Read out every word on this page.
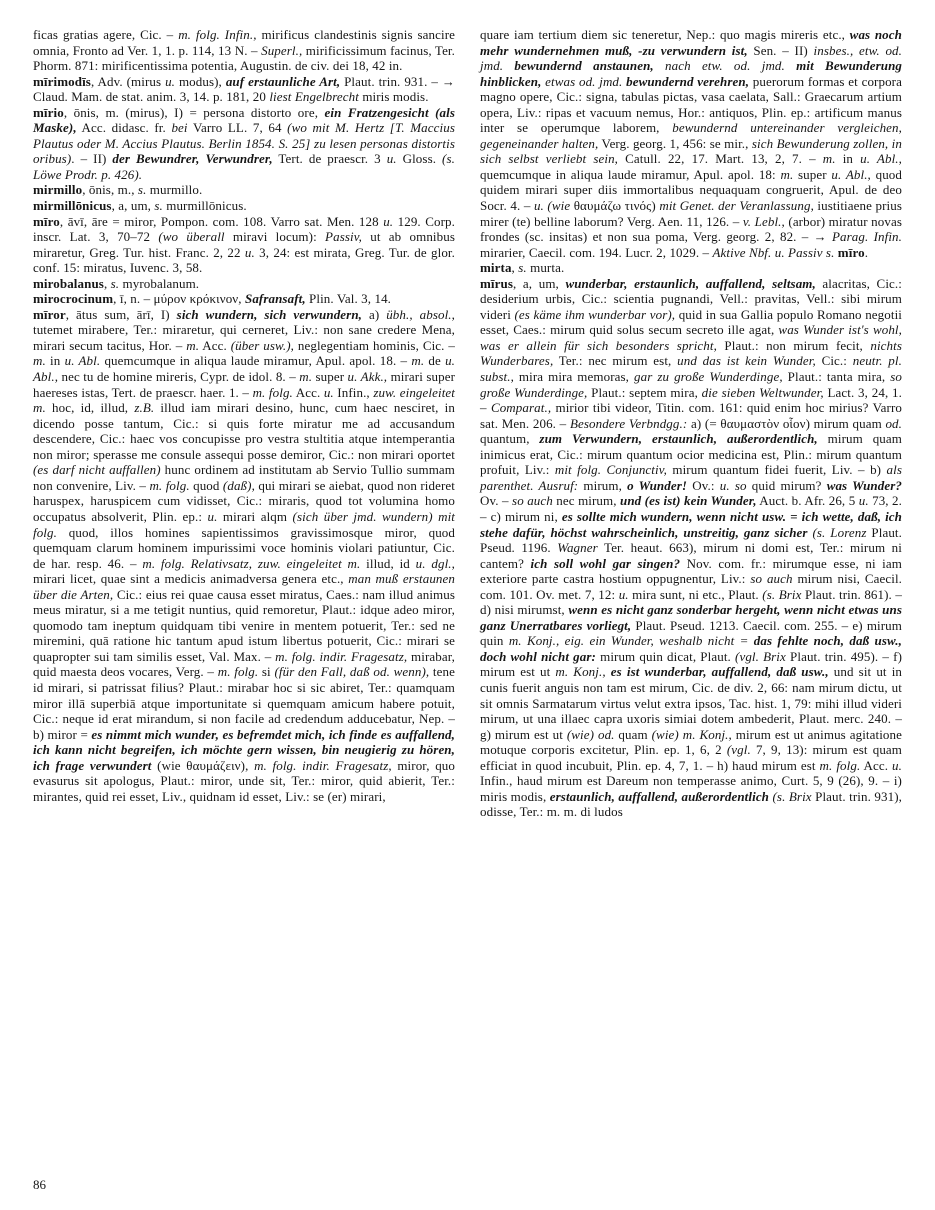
ficas gratias agere, Cic. – m. folg. Infin., mirificus clandestinis signis sancire omnia, Fronto ad Ver. 1, 1. p. 114, 13 N. – Superl., mirificissimum facinus, Ter. Phorm. 871: mirificentissima potentia, Augustin. de civ. dei 18, 42 in.

mīrimodīs, Adv. (mirus u. modus), auf erstaunliche Art, Plaut. trin. 931. – → Claud. Mam. de stat. anim. 3, 14. p. 181, 20 liest Engelbrecht miris modis.

mīrio, ōnis, m. (mirus), I) = persona distorto ore, ein Fratzengesicht (als Maske), Acc. didasc. fr. bei Varro LL. 7, 64 (wo mit M. Hertz [T. Maccius Plautus oder M. Accius Plautus. Berlin 1854. S. 25] zu lesen personas distortis oribus). – II) der Bewundrer, Verwundrer, Tert. de praescr. 3 u. Gloss. (s. Löwe Prodr. p. 426).

mirmillo, ōnis, m., s. murmillo.

mirmillōnicus, a, um, s. murmillōnicus.

mīro, āvī, āre = miror, Pompon. com. 108. Varro sat. Men. 128 u. 129. Corp. inscr. Lat. 3, 70–72 (wo überall miravi locum): Passiv, ut ab omnibus miraretur, Greg. Tur. hist. Franc. 2, 22 u. 3, 24: est mirata, Greg. Tur. de glor. conf. 15: miratus, Iuvenc. 3, 58.

mirobalanus, s. myrobalanum.

mirocrocinum, ī, n. – μύρον κρόκινον, Safransaft, Plin. Val. 3, 14.

mīror, ātus sum, ārī, I) sich wundern, sich verwundern, a) übh., absol., tutemet mirabere, Ter.: miraretur, qui cerneret, Liv.: non sane credere Mena, mirari secum tacitus, Hor. – m. Acc. (über usw.), neglegentiam hominis, Cic. – m. in u. Abl. quemcumque in aliqua laude miramur, Apul. apol. 18. – m. de u. Abl., nec tu de homine mireris, Cypr. de idol. 8. – m. super u. Akk., mirari super haereses istas, Tert. de praescr. haer. 1. – m. folg. Acc. u. Infin., zuw. eingeleitet m. hoc, id, illud, z.B. illud iam mirari desino, hunc, cum haec nesciret, in dicendo posse tantum, Cic.: si quis forte miratur me ad accusandum descendere, Cic.: haec vos concupisse pro vestra stultitia atque intemperantia non miror; sperasse me consule assequi posse demiror, Cic.: non mirari oportet (es darf nicht auffallen) hunc ordinem ad institutam ab Servio Tullio summam non convenire, Liv. – m. folg. quod (daß), qui mirari se aiebat, quod non rideret haruspex, haruspicem cum vidisset, Cic.: miraris, quod tot volumina homo occupatus absolverit, Plin. ep.: u. mirari alqm (sich über jmd. wundern) mit folg. quod, illos homines sapientissimos gravissimosque miror, quod quemquam clarum hominem impurissimi voce hominis violari patiuntur, Cic. de har. resp. 46. – m. folg. Relativsatz, zuw. eingeleitet m. illud, id u. dgl., mirari licet, quae sint a medicis animadversa genera etc., man muß erstaunen über die Arten, Cic.: eius rei quae causa esset miratus, Caes.: nam illud animus meus miratur, si a me tetigit nuntius, quid remoretur, Plaut.: idque adeo miror, quomodo tam ineptum quidquam tibi venire in mentem potuerit, Ter.: sed ne miremini, quā ratione hic tantum apud istum libertus potuerit, Cic.: mirari se quapropter sui tam similis esset, Val. Max. – m. folg. indir. Fragesatz, mirabar, quid maesta deos vocares, Verg. – m. folg. si (für den Fall, daß od. wenn), tene id mirari, si patrissat filius? Plaut.: mirabar hoc si sic abiret, Ter.: quamquam miror illā superbiā atque importunitate si quemquam amicum habere potuit, Cic.: neque id erat mirandum, si non facile ad credendum adducebatur, Nep. – b) miror = es nimmt mich wunder, es befremdet mich, ich finde es auffallend, ich kann nicht begreifen, ich möchte gern wissen, bin neugierig zu hören, ich frage verwundert (wie θαυμάζειν), m. folg. indir. Fragesatz, miror, quo evasurus sit apologus, Plaut.: miror, unde sit, Ter.: miror, quid abierit, Ter.: mirantes, quid rei esset, Liv., quidnam id esset, Liv.: se (er) mirari,

quare iam tertium diem sic teneretur, Nep.: quo magis mireris etc., was noch mehr wundernehmen muß, -zu verwundern ist, Sen. – II) insbes., etw. od. jmd. bewundernd anstaunen, nach etw. od. jmd. mit Bewunderung hinblicken, etwas od. jmd. bewundernd verehren, puerorum formas et corpora magno opere, Cic.: signa, tabulas pictas, vasa caelata, Sall.: Graecarum artium opera, Liv.: ripas et vacuum nemus, Hor.: antiquos, Plin. ep.: artificum manus inter se operumque laborem, bewundernd untereinander vergleichen, gegeneinander halten, Verg. georg. 1, 456: se mir., sich Bewunderung zollen, in sich selbst verliebt sein, Catull. 22, 17. Mart. 13, 2, 7. – m. in u. Abl., quemcumque in aliqua laude miramur, Apul. apol. 18: m. super u. Abl., quod quidem mirari super diis immortalibus nequaquam congruerit, Apul. de deo Socr. 4. – u. (wie θαυμάζω τινός) mit Genet. der Veranlassung, iustitiaene prius mirer (te) belline laborum? Verg. Aen. 11, 126. – v. Lebl., (arbor) miratur novas frondes (sc. insitas) et non sua poma, Verg. georg. 2, 82. – → Parag. Infin. mirarier, Caecil. com. 194. Lucr. 2, 1029. – Aktive Nbf. u. Passiv s. mīro.

mirta, s. murta.

mīrus, a, um, wunderbar, erstaunlich, auffallend, seltsam, alacritas, Cic.: desiderium urbis, Cic.: scientia pugnandi, Vell.: pravitas, Vell.: sibi mirum videri (es käme ihm wunderbar vor), quid in sua Gallia populo Romano negotii esset, Caes.: mirum quid solus secum secreto ille agat, was Wunder ist's wohl, was er allein für sich besonders spricht, Plaut.: non mirum fecit, nichts Wunderbares, Ter.: nec mirum est, und das ist kein Wunder, Cic.: neutr. pl. subst., mira mira memoras, gar zu große Wunderdinge, Plaut.: tanta mira, so große Wunderdinge, Plaut.: septem mira, die sieben Weltwunder, Lact. 3, 24, 1. – Comparat., mirior tibi videor, Titin. com. 161: quid enim hoc mirius? Varro sat. Men. 206. – Besondere Verbndgg.: a) (= θαυμαστὸν οἷον) mirum quam od. quantum, zum Verwundern, erstaunlich, außerordentlich, mirum quam inimicus erat, Cic.: mirum quantum ocior medicina est, Plin.: mirum quantum profuit, Liv.: mit folg. Conjunctiv, mirum quantum fidei fuerit, Liv. – b) als parenthet. Ausruf: mirum, o Wunder! Ov.: u. so quid mirum? was Wunder? Ov. – so auch nec mirum, und (es ist) kein Wunder, Auct. b. Afr. 26, 5 u. 73, 2. – c) mirum ni, es sollte mich wundern, wenn nicht usw. = ich wette, daß, ich stehe dafür, höchst wahrscheinlich, unstreitig, ganz sicher (s. Lorenz Plaut. Pseud. 1196. Wagner Ter. heaut. 663), mirum ni domi est, Ter.: mirum ni cantem? ich soll wohl gar singen? Nov. com. fr.: mirumque esse, ni iam exteriore parte castra hostium oppugnentur, Liv.: so auch mirum nisi, Caecil. com. 101. Ov. met. 7, 12: u. mira sunt, ni etc., Plaut. (s. Brix Plaut. trin. 861). – d) nisi mirumst, wenn es nicht ganz sonderbar hergeht, wenn nicht etwas uns ganz Unerratbares vorliegt, Plaut. Pseud. 1213. Caecil. com. 255. – e) mirum quin m. Konj., eig. ein Wunder, weshalb nicht = das fehlte noch, daß usw., doch wohl nicht gar: mirum quin dicat, Plaut. (vgl. Brix Plaut. trin. 495). – f) mirum est ut m. Konj., es ist wunderbar, auffallend, daß usw., und sit ut in cunis fuerit anguis non tam est mirum, Cic. de div. 2, 66: nam mirum dictu, ut sit omnis Sarmatarum virtus velut extra ipsos, Tac. hist. 1, 79: mihi illud videri mirum, ut una illaec capra uxoris simiai dotem ambederit, Plaut. merc. 240. – g) mirum est ut (wie) od. quam (wie) m. Konj., mirum est ut animus agitatione motuque corporis excitetur, Plin. ep. 1, 6, 2 (vgl. 7, 9, 13): mirum est quam efficiat in quod incubuit, Plin. ep. 4, 7, 1. – h) haud mirum est m. folg. Acc. u. Infin., haud mirum est Dareum non temperasse animo, Curt. 5, 9 (26), 9. – i) miris modis, erstaunlich, auffallend, außerordentlich (s. Brix Plaut. trin. 931), odisse, Ter.: m. m. di ludos

86
